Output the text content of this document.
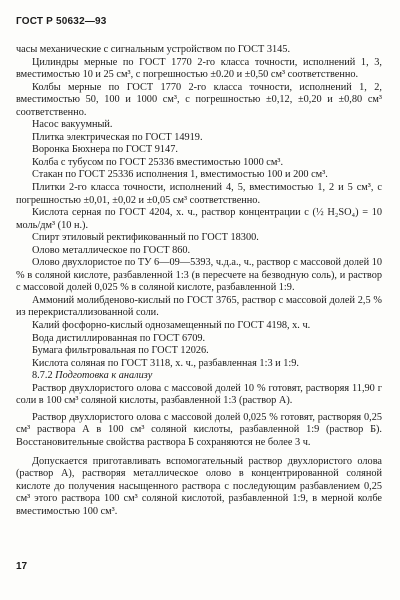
ГОСТ Р 50632—93

часы механические с сигнальным устройством по ГОСТ 3145.

Цилиндры мерные по ГОСТ 1770 2-го класса точности, исполнений 1, 3, вместимостью 10 и 25 см³, с погрешностью ±0.20 и ±0,50 см³ соответственно.

Колбы мерные по ГОСТ 1770 2-го класса точности, исполнений 1, 2, вместимостью 50, 100 и 1000 см³, с погрешностью ±0,12, ±0,20 и ±0,80 см³ соответственно.

Насос вакуумный.

Плитка электрическая по ГОСТ 14919.

Воронка Бюхнера по ГОСТ 9147.

Колба с тубусом по ГОСТ 25336 вместимостью 1000 см³.

Стакан по ГОСТ 25336 исполнения 1, вместимостью 100 и 200 см³.

Плитки 2-го класса точности, исполнений 4, 5, вместимостью 1, 2 и 5 см³, с погрешностью ±0,01, ±0,02 и ±0,05 см³ соответственно.

Кислота серная по ГОСТ 4204, х. ч., раствор концентрации с (½ H₂SO₄) = 10 моль/дм³ (10 н.).

Спирт этиловый ректификованный по ГОСТ 18300.

Олово металлическое по ГОСТ 860.

Олово двухлористое по ТУ 6—09—5393, ч.д.а., ч., раствор с массовой долей 10 % в соляной кислоте, разбавленной 1:3 (в пересчете на безводную соль), и раствор с массовой долей 0,025 % в соляной кислоте, разбавленной 1:9.

Аммоний молибденово-кислый по ГОСТ 3765, раствор с массовой долей 2,5 % из перекристаллизованной соли.

Калий фосфорно-кислый однозамещенный по ГОСТ 4198, х. ч.

Вода дистиллированная по ГОСТ 6709.

Бумага фильтровальная по ГОСТ 12026.

Кислота соляная по ГОСТ 3118, х. ч., разбавленная 1:3 и 1:9.

8.7.2 Подготовка к анализу

Раствор двухлористого олова с массовой долей 10 % готовят, растворяя 11,90 г соли в 100 см³ соляной кислоты, разбавленной 1:3 (раствор А).

Раствор двухлористого олова с массовой долей 0,025 % готовят, растворяя 0,25 см³ раствора А в 100 см³ соляной кислоты, разбавленной 1:9 (раствор Б). Восстановительные свойства раствора Б сохраняются не более 3 ч.

Допускается приготавливать вспомогательный раствор двухлористого олова (раствор А), растворяя металлическое олово в концентрированной соляной кислоте до получения насыщенного раствора с последующим разбавлением 0,25 см³ этого раствора 100 см³ соляной кислотой, разбавленной 1:9, в мерной колбе вместимостью 100 см³.

17
